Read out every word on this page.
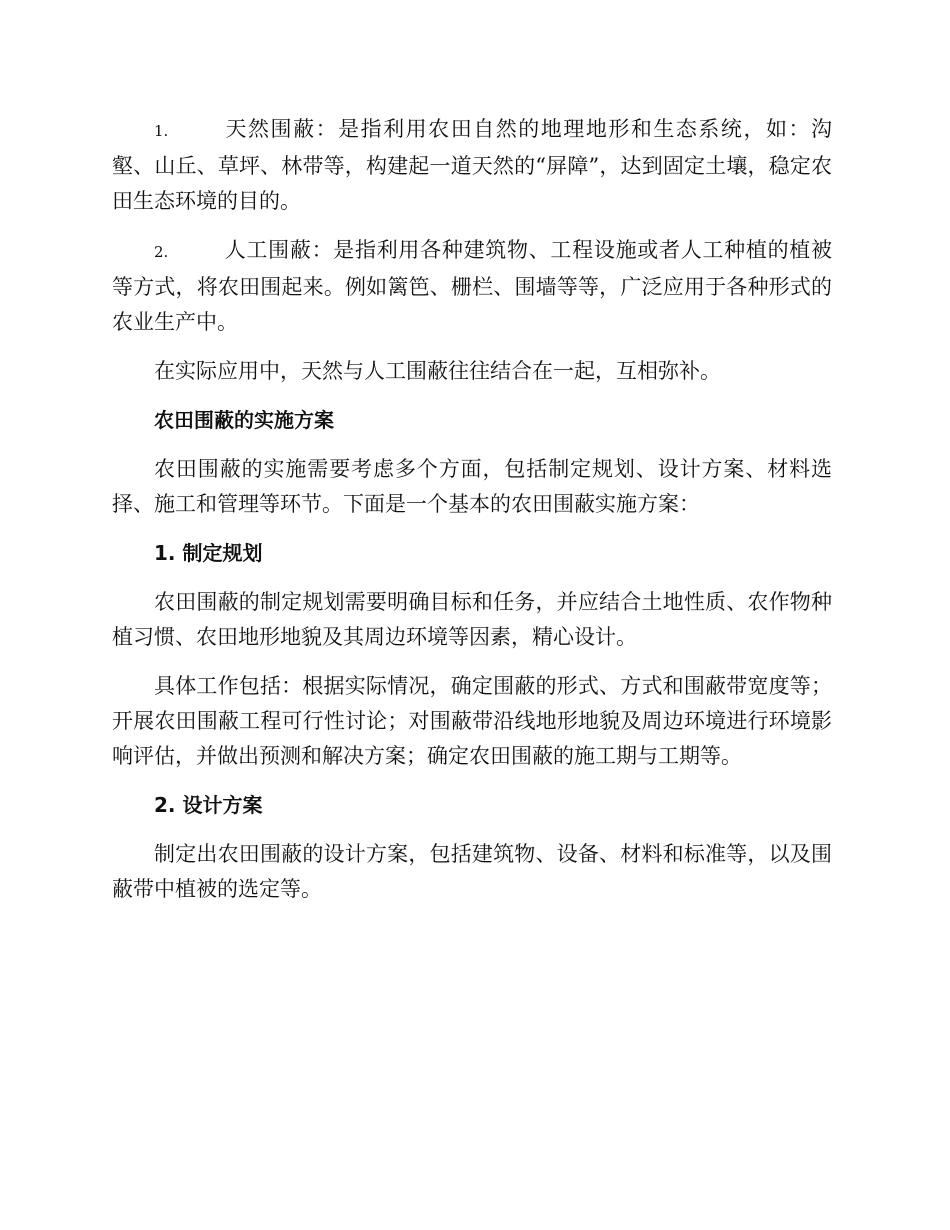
1.	天然围蔽：是指利用农田自然的地理地形和生态系统，如：沟壑、山丘、草坪、林带等，构建起一道天然的“屏障”，达到固定土壤，稳定农田生态环境的目的。

2.	人工围蔽：是指利用各种建筑物、工程设施或者人工种植的植被等方式，将农田围起来。例如篱笆、栅栏、围墙等等，广泛应用于各种形式的农业生产中。

在实际应用中，天然与人工围蔽往往结合在一起，互相弥补。

农田围蔽的实施方案

农田围蔽的实施需要考虑多个方面，包括制定规划、设计方案、材料选择、施工和管理等环节。下面是一个基本的农田围蔽实施方案：

1. 制定规划

农田围蔽的制定规划需要明确目标和任务，并应结合土地性质、农作物种植习惯、农田地形地貌及其周边环境等因素，精心设计。

具体工作包括：根据实际情况，确定围蔽的形式、方式和围蔽带宽度等；开展农田围蔽工程可行性讨论；对围蔽带沿线地形地貌及周边环境进行环境影响评估，并做出预测和解决方案；确定农田围蔽的施工期与工期等。

2. 设计方案

制定出农田围蔽的设计方案，包括建筑物、设备、材料和标准等，以及围蔽带中植被的选定等。
